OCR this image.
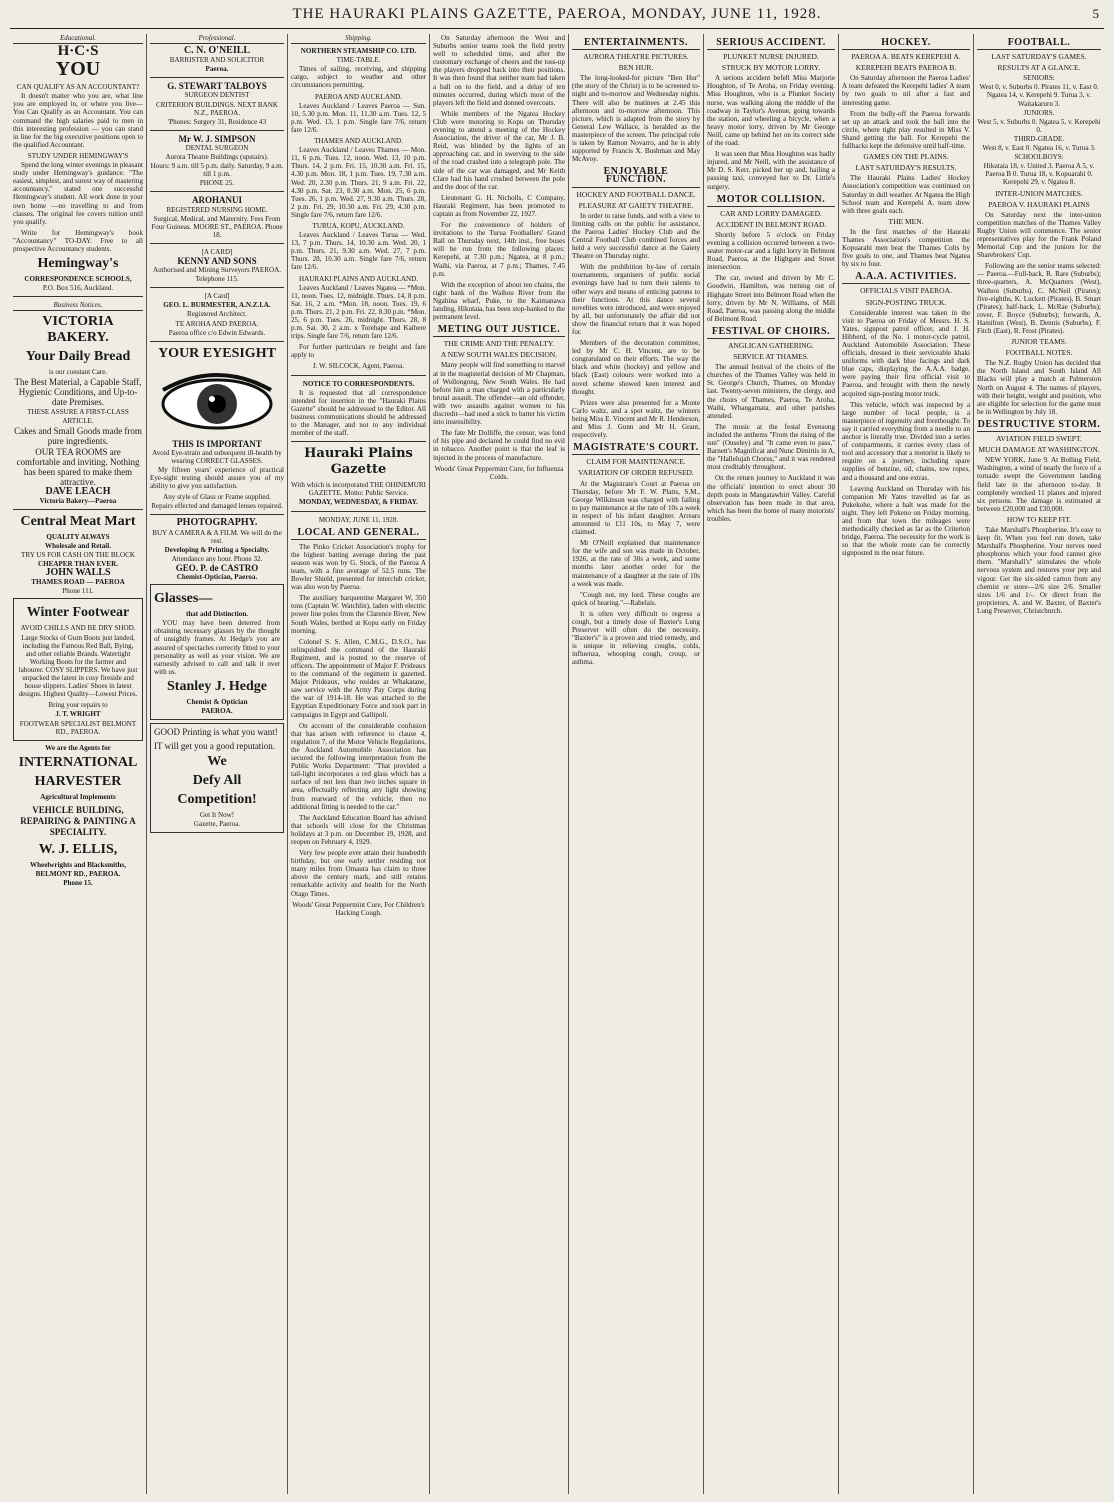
THE HAURAKI PLAINS GAZETTE, PAEROA, MONDAY, JUNE 11, 1928.	5
Educational.
H·C·S
YOU
CAN QUALIFY AS AN ACCOUNTANT?

It doesn't matter who you are, what line you are employed in, or where you live— You Can Qualify as an Accountant. You can command the high salaries paid to men in this interesting profession — you can stand in line for the big executive positions open to the qualified Accountant.

STUDY UNDER HEMINGWAY'S

Spend the long winter evenings in pleasant study under Hemingway's guidance. "The easiest, simplest, and surest way of mastering accountancy," stated one successful Hemingway's student. All work done in your own home —no travelling to and from classes. The original fee covers tuition until you qualify.

Write for Hemingway's book "Accountancy" TO-DAY. Free to all prospective Accountancy students.

Hemingway's
CORRESPONDENCE SCHOOLS,
P.O. Box 516, Auckland.
Business Notices.
VICTORIA BAKERY.
Your Daily Bread
is our constant Care.
The Best Material, a Capable Staff, Hygienic Conditions, and Up-to-date Premises.
THESE ASSURE A FIRST-CLASS ARTICLE.
Cakes and Small Goods made from pure ingredients.
OUR TEA ROOMS are comfortable and inviting. Nothing has been spared to make them attractive.
DAVE LEACH
Victoria Bakery—Paeroa
Central Meat Mart
QUALITY ALWAYS
Wholesale and Retail.
TRY US FOR CASH ON THE BLOCK
CHEAPER THAN EVER.
JOHN WALLS
THAMES ROAD — PAEROA
Phone 111.
Winter Footwear
AVOID CHILLS AND BE DRY SHOD.

Large Stocks of Gum Boots just landed, including the Famous Red Ball, Bying, and other reliable Brands. Watertight Working Boots for the farmer and labourer. COSY SLIPPERS. We have just unpacked the latest in cosy fireside and house slippers. Ladies' Shoes in latest designs. Highest Quality—Lowest Prices.

Bring your repairs to
J. T. WRIGHT
FOOTWEAR SPECIALIST BELMONT RD., PAEROA.
We are the Agents for
INTERNATIONAL
HARVESTER
Agricultural Implements
VEHICLE BUILDING, REPAIRING & PAINTING A SPECIALITY.
W. J. ELLIS,
Wheelwrights and Blacksmiths,
BELMONT RD., PAEROA.
Phone 15.
Professional.
C. N. O'NEILL
BARRISTER AND SOLICITOR
Paeroa.
G. STEWART TALBOYS
SURGEON DENTIST
CRITERION BUILDINGS. NEXT BANK N.Z., PAEROA.
'Phones: Surgery 31, Residence 43
Mr W. J. SIMPSON
DENTAL SURGEON
Aurora Theatre Buildings (upstairs).
Hours: 9 a.m. till 5 p.m. daily. Saturday, 9 a.m. till 1 p.m.
PHONE 25.
AROHANUI
REGISTERED NURSING HOME.
Surgical, Medical, and Maternity. Fees From Four Guineas. MOORE ST., PAEROA. Phone 18.
[A CARD]
KENNY AND SONS
Authorised and Mining Surveyors PAEROA.
Telephone 115.
[A Card]
GEO. L. BURMESTER, A.N.Z.I.A.
Registered Architect.
TE AROHA AND PAEROA.
Paeroa office c/o Edwin Edwards.
YOUR EYESIGHT
THIS IS IMPORTANT
Avoid Eye-strain and subsequent ill-health by wearing CORRECT GLASSES.

My fifteen years' experience of practical Eye-sight testing should assure you of my ability to give you satisfaction.

Any style of Glass or Frame supplied.
Repairs effected and damaged lenses repaired.
PHOTOGRAPHY.
BUY A CAMERA & A FILM. We will do the rest.
Developing & Printing a Specialty.
Attendance any hour. Phone 32.
GEO. P. de CASTRO
Chemist-Optician, Paeroa.
Glasses—
that add Distinction.

YOU may have been deterred from obtaining necessary glasses by the thought of unsightly frames. At Hedge's you are assured of spectacles correctly fitted to your personality as well as your vision. We are earnestly advised to call and talk it over with us.

Stanley J. Hedge
Chemist & Optician
PAEROA.
GOOD Printing is what you want!
IT will get you a good reputation.
We
Defy All
Competition!
Get It Now!
Gazette, Paeroa.
Shipping.
NORTHERN STEAMSHIP CO. LTD.
TIME-TABLE.

Times of sailing, receiving, and shipping cargo, subject to weather and other circumstances permitting.

PAEROA AND AUCKLAND.

Leaves Auckland / Leaves Paeroa — Sun. 10, 5.30 p.m. Mon. 11, 11.30 a.m. Tues. 12, 5 p.m. Wed. 13, 1 p.m. Single fare 7/6, return fare 12/6.

THAMES AND AUCKLAND.

Leaves Auckland / Leaves Thames — Mon. 11, 6 p.m. Tues. 12, noon. Wed. 13, 10 p.m. Thurs. 14, 2 p.m. Fri. 15, 10.30 a.m. Fri. 15, 4.30 p.m. Mon. 18, 1 p.m. Tues. 19, 7.30 a.m. Wed. 20, 2.30 p.m. Thurs. 21, 9 a.m. Fri. 22, 4.30 p.m. Sat. 23, 8.30 a.m. Mon. 25, 6 p.m. Tues. 26, 1 p.m. Wed. 27, 9.30 a.m. Thurs. 28, 2 p.m. Fri. 29, 10.30 a.m. Fri. 29, 4.30 p.m. Single fare 7/6, return fare 12/6.

TURUA, KOPU, AUCKLAND.

Leaves Auckland / Leaves Turua — Wed. 13, 7 p.m. Thurs. 14, 10.30 a.m. Wed. 20, 1 p.m. Thurs. 21, 9.30 a.m. Wed. 27, 7 p.m. Thurs. 28, 10.30 a.m. Single fare 7/6, return fare 12/6.

HAURAKI PLAINS AND AUCKLAND.

Leaves Auckland / Leaves Ngatea — *Mon. 11, noon. Tues. 12, midnight. Thurs. 14, 8 p.m. Sat. 16, 2 a.m. *Mon. 18, noon. Tues. 19, 6 p.m. Thurs. 21, 2 p.m. Fri. 22, 8.30 p.m. *Mon. 25, 6 p.m. Tues. 26, midnight. Thurs. 28, 8 p.m. Sat. 30, 2 a.m. x Torehape and Kaihere trips. Single fare 7/6, return fare 12/6.

For further particulars re freight and fare apply to

J. W. SILCOCK, Agent, Paeroa.
NOTICE TO CORRESPONDENTS.

It is requested that all correspondence intended for insertion in the "Hauraki Plains Gazette" should be addressed to the Editor. All business communications should be addressed to the Manager, and not to any individual member of the staff.

Hauraki Plains Gazette
With which is incorporated THE OHINEMURI GAZETTE. Motto: Public Service.
MONDAY, WEDNESDAY, & FRIDAY.
MONDAY, JUNE 11, 1928.
LOCAL AND GENERAL.

The Pinko Cricket Association's trophy for the highest batting average during the past season was won by G. Stock, of the Paeroa A team, with a fine average of 52.5 runs. The Bowler Shield, presented for interclub cricket, was also won by Paeroa.

The auxiliary barquentine Margaret W, 350 tons (Captain W. Watchlin), laden with electric power line poles from the Clarence River, New South Wales, berthed at Kopu early on Friday morning.

Colonel S. S. Allen, C.M.G., D.S.O., has relinquished the command of the Hauraki Regiment, and is posted to the reserve of officers. The appointment of Major F. Prideaux to the command of the regiment is gazetted. Major Prideaux, who resides at Whakatane, saw service with the Army Pay Corps during the war of 1914-18. He was attached to the Egyptian Expeditionary Force and took part in campaigns in Egypt and Gallipoli.

On account of the considerable confusion that has arisen with reference to clause 4, regulation 7, of the Motor Vehicle Regulations, the Auckland Automobile Association has secured the following interpretation from the Public Works Department: "That provided a tail-light incorporates a red glass which has a surface of not less than two inches square in area, effectually reflecting any light showing from rearward of the vehicle, then no additional fitting is needed to the car."

The Auckland Education Board has advised that schools will close for the Christmas holidays at 3 p.m. on December 19, 1928, and reopen on February 4, 1929.

Very few people ever attain their hundredth birthday, but one early settler residing not many miles from Omaura has claim to three above the century mark, and still retains remarkable activity and health for the North Otago Times.

Woods' Great Peppermint Cure, For Children's Hacking Cough.

On Saturday afternoon the West and Suburbs senior teams took the field pretty well to scheduled time, and after the customary exchange of cheers and the toss-up the players dropped back into their positions. It was then found that neither team had taken a ball on to the field, and a delay of ten minutes occurred, during which most of the players left the field and donned overcoats.

While members of the Ngatea Hockey Club were motoring to Kopu on Thursday evening to attend a meeting of the Hockey Association, the driver of the car, Mr J. B. Reid, was blinded by the lights of an approaching car, and in swerving to the side of the road crashed into a telegraph pole. The side of the car was damaged, and Mr Keith Clare had his hand crushed between the pole and the door of the car.

Lieutenant G. H. Nicholls, C Company, Hauraki Regiment, has been promoted to captain as from November 22, 1927.

For the convenience of holders of invitations to the Turua Footballers' Grand Ball on Thursday next, 14th inst., free buses will be run from the following places: Kerepehi, at 7.30 p.m.; Ngatea, at 8 p.m.; Waihi, via Paeroa, at 7 p.m.; Thames, 7.45 p.m.

With the exception of about ten chains, the right bank of the Waihou River from the Ngahina wharf, Puke, to the Kaimanawa landing, Hikutaia, has been stop-banked to the permanent level.

METING OUT JUSTICE.
THE CRIME AND THE PENALTY.
A NEW SOUTH WALES DECISION.

Many people will find something to marvel at in the magisterial decision of Mr Chapman, of Wollongong, New South Wales. He had before him a man charged with a particularly brutal assault. The offender—an old offender, with two assaults against women to his discredit—had used a stick to batter his victim into insensibility.

The fate Mr Dolliffe, the censor, was fond of his pipe and declared he could find no evil in tobacco. Another point is that the leaf is injected in the process of manufacture.

Woods' Great Peppermint Cure, for Influenza Colds.
ENTERTAINMENTS.
AURORA THEATRE PICTURES.
BEN HUR.

The long-looked-for picture "Ben Hur" (the story of the Christ) is to be screened to-night and to-morrow and Wednesday nights. There will also be matinees at 2.45 this afternoon and to-morrow afternoon. This picture, which is adapted from the story by General Lew Wallace, is heralded as the masterpiece of the screen. The principal role is taken by Ramon Novarro, and he is ably supported by Francis X. Bushman and May McAvoy.

ENJOYABLE FUNCTION.
HOCKEY AND FOOTBALL DANCE.
PLEASURE AT GAIETY THEATRE.

In order to raise funds, and with a view to limiting calls on the public for assistance, the Paeroa Ladies' Hockey Club and the Central Football Club combined forces and held a very successful dance at the Gaiety Theatre on Thursday night.

With the prohibition by-law of certain tournaments, organisers of public social evenings have had to turn their talents to other ways and means of enticing patrons to their functions. At this dance several novelties were introduced, and were enjoyed by all, but unfortunately the affair did not show the financial return that it was hoped for.

Members of the decoration committee, led by Mr C. H. Vincent, are to be congratulated on their efforts. The way the black and white (hockey) and yellow and black (East) colours were worked into a novel scheme showed keen interest and thought.

Prizes were also presented for a Monte Carlo waltz, and a spot waltz, the winners being Miss E. Vincent and Mr R. Henderson, and Miss J. Gunn and Mr H. Grant, respectively.

MAGISTRATE'S COURT.
CLAIM FOR MAINTENANCE.
VARIATION OF ORDER REFUSED.

At the Magistrate's Court at Paeroa on Thursday, before Mr F. W. Platts, S.M., George Wilkinson was charged with failing to pay maintenance at the rate of 10s a week in respect of his infant daughter. Arrears amounted to £11 10s, to May 7, were claimed.

Mr O'Neill explained that maintenance for the wife and son was made in October, 1926, at the rate of 30s a week, and some months later another order for the maintenance of a daughter at the rate of 10s a week was made.

"Cough not, my lord. These coughs are quick of hearing."—Rabelais.

It is often very difficult to regress a cough, but a timely dose of Baxter's Lung Preserver will often do the necessity. "Baxter's" is a proven and tried remedy, and is unique in relieving coughs, colds, influenza, whooping cough, croup, or asthma.

SERIOUS ACCIDENT.
PLUNKET NURSE INJURED.
STRUCK BY MOTOR LORRY.

A serious accident befell Miss Marjorie Houghton, of Te Aroha, on Friday evening. Miss Houghton, who is a Plunket Society nurse, was walking along the middle of the roadway in Taylor's Avenue, going towards the station, and wheeling a bicycle, when a heavy motor lorry, driven by Mr George Neill, came up behind her on its correct side of the road.

It was seen that Miss Houghton was badly injured, and Mr Neill, with the assistance of Mr D. S. Kerr, picked her up and, hailing a passing taxi, conveyed her to Dr. Little's surgery.

MOTOR COLLISION.
CAR AND LORRY DAMAGED.
ACCIDENT IN BELMONT ROAD.

Shortly before 5 o'clock on Friday evening a collision occurred between a two-seater motor-car and a light lorry in Belmont Road, Paeroa, at the Highgate and Street intersection.

The car, owned and driven by Mr C. Goodwin, Hamilton, was turning out of Highgate Street into Belmont Road when the lorry, driven by Mr N. Williams, of Mill Road, Paeroa, was passing along the middle of Belmont Road.

FESTIVAL OF CHOIRS.
ANGLICAN GATHERING.
SERVICE AT THAMES.

The annual festival of the choirs of the churches of the Thames Valley was held in St. George's Church, Thames, on Monday last. Twenty-seven ministers, the clergy, and the choirs of Thames, Paeroa, Te Aroha, Waihi, Whangamata, and other parishes attended.

The music at the festal Evensong included the anthems "From the rising of the sun" (Ouseley) and "It came even to pass," Barnett's Magnificat and Nunc Dimittis in A, the "Hallelujah Chorus," and it was rendered most creditably throughout.

On the return journey to Auckland it was the officials' intention to erect about 30 depth posts in Mangatawhiri Valley. Careful observation has been made in that area, which has been the home of many motorists' troubles.

HOCKEY.
PAEROA A. BEATS KEREPEHI A.
KEREPEHI BEATS PAEROA B.

On Saturday afternoon the Paeroa Ladies' A team defeated the Kerepehi ladies' A team by two goals to nil after a fast and interesting game.

From the bully-off the Paeroa forwards set up an attack and took the ball into the circle, where tight play resulted in Miss V. Shand getting the ball. For Kerepehi the fullbacks kept the defensive until half-time.

GAMES ON THE PLAINS.
LAST SATURDAY'S RESULTS.

The Hauraki Plains Ladies' Hockey Association's competition was continued on Saturday in dull weather. At Ngatea the High School team and Kerepehi A. team drew with three goals each.

THE MEN.

In the first matches of the Hauraki Thames Association's competition the Kopuarahi men beat the Thames Colts by five goals to one, and Thames beat Ngatea by six to four.

A.A.A. ACTIVITIES.
OFFICIALS VISIT PAEROA.
SIGN-POSTING TRUCK.

Considerable interest was taken in the visit to Paeroa on Friday of Messrs. H. S. Yates, signpost patrol officer, and J. H. Hibberd, of the No. 1 motor-cycle patrol, Auckland Automobile Association. These officials, dressed in their serviceable khaki uniforms with dark blue facings and dark blue caps, displaying the A.A.A. badge, were paying their first official visit to Paeroa, and brought with them the newly acquired sign-posting motor truck.

This vehicle, which was inspected by a large number of local people, is a masterpiece of ingenuity and forethought. To say it carried everything from a needle to an anchor is literally true. Divided into a series of compartments, it carries every class of tool and accessory that a motorist is likely to require on a journey, including spare supplies of benzine, oil, chains, tow ropes, and a thousand and one extras.

Leaving Auckland on Thursday with his companion Mr Yates travelled as far as Pukekohe, where a halt was made for the night. They left Pokeno on Friday morning, and from that town the mileages were methodically checked as far as the Criterion bridge, Paeroa. The necessity for the work is so that the whole route can be correctly signposted in the near future.

FOOTBALL.
LAST SATURDAY'S GAMES.
RESULTS AT A GLANCE.
SENIORS:
West 0, v. Suburbs 0. Pirates 11, v. East 0. Ngatea 14, v. Kerepehi 9. Turua 3, v. Waitakaruru 3.
JUNIORS.
West 5, v. Suburbs 0. Ngatea 5, v. Kerepehi 0.
THIRD-GRADE.
West 8, v. East 0. Ngatea 16, v. Turua 3.
SCHOOLBOYS:
Hikutaia 18, v. United 3. Paeroa A 5, v. Paeroa B 0. Turua 18, v. Kopuarahi 0. Kerepehi 29, v. Ngatea 8.
INTER-UNION MATCHES.
PAEROA V. HAURAKI PLAINS

On Saturday next the inter-union competition matches of the Thames Valley Rugby Union will commence. The senior representatives play for the Frank Poland Memorial Cup and the juniors for the Sharebrokers' Cup.

Following are the senior teams selected:— Paeroa.—Full-back, R. Rare (Suburbs); three-quarters, A. McQuarters (West), Waihou (Suburbs), C. McNeil (Pirates); five-eighths, K. Luckett (Pirates), B. Smart (Pirates); half-back, L. McRae (Suburbs); rover, F. Boyce (Suburbs); forwards, A. Hamilton (West), B. Dennis (Suburbs), F. Fitch (East), R. Frost (Pirates).

JUNIOR TEAMS.
FOOTBALL NOTES.

The N.Z. Rugby Union has decided that the North Island and South Island All Blacks will play a match at Palmerston North on August 4. The names of players, with their height, weight and position, who are eligible for selection for the game must be in Wellington by July 18.

DESTRUCTIVE STORM.
AVIATION FIELD SWEPT.
MUCH DAMAGE AT WASHINGTON.

NEW YORK, June 9. At Bolling Field, Washington, a wind of nearly the force of a tornado swept the Government landing field late in the afternoon to-day. It completely wrecked 11 planes and injured six persons. The damage is estimated at between £20,000 and £30,000.

HOW TO KEEP FIT.

Take Marshall's Phospherine. It's easy to keep fit. When you feel run down, take Marshall's Phospherine. Your nerves need phosphorus which your food cannot give them. "Marshall's" stimulates the whole nervous system and restores your pep and vigour. Get the six-sided carton from any chemist or store—2/6 size 2/6. Smaller sizes 1/6 and 1/-. Or direct from the proprietors, A. and W. Baxter, of Baxter's Lung Preserver, Christchurch.
